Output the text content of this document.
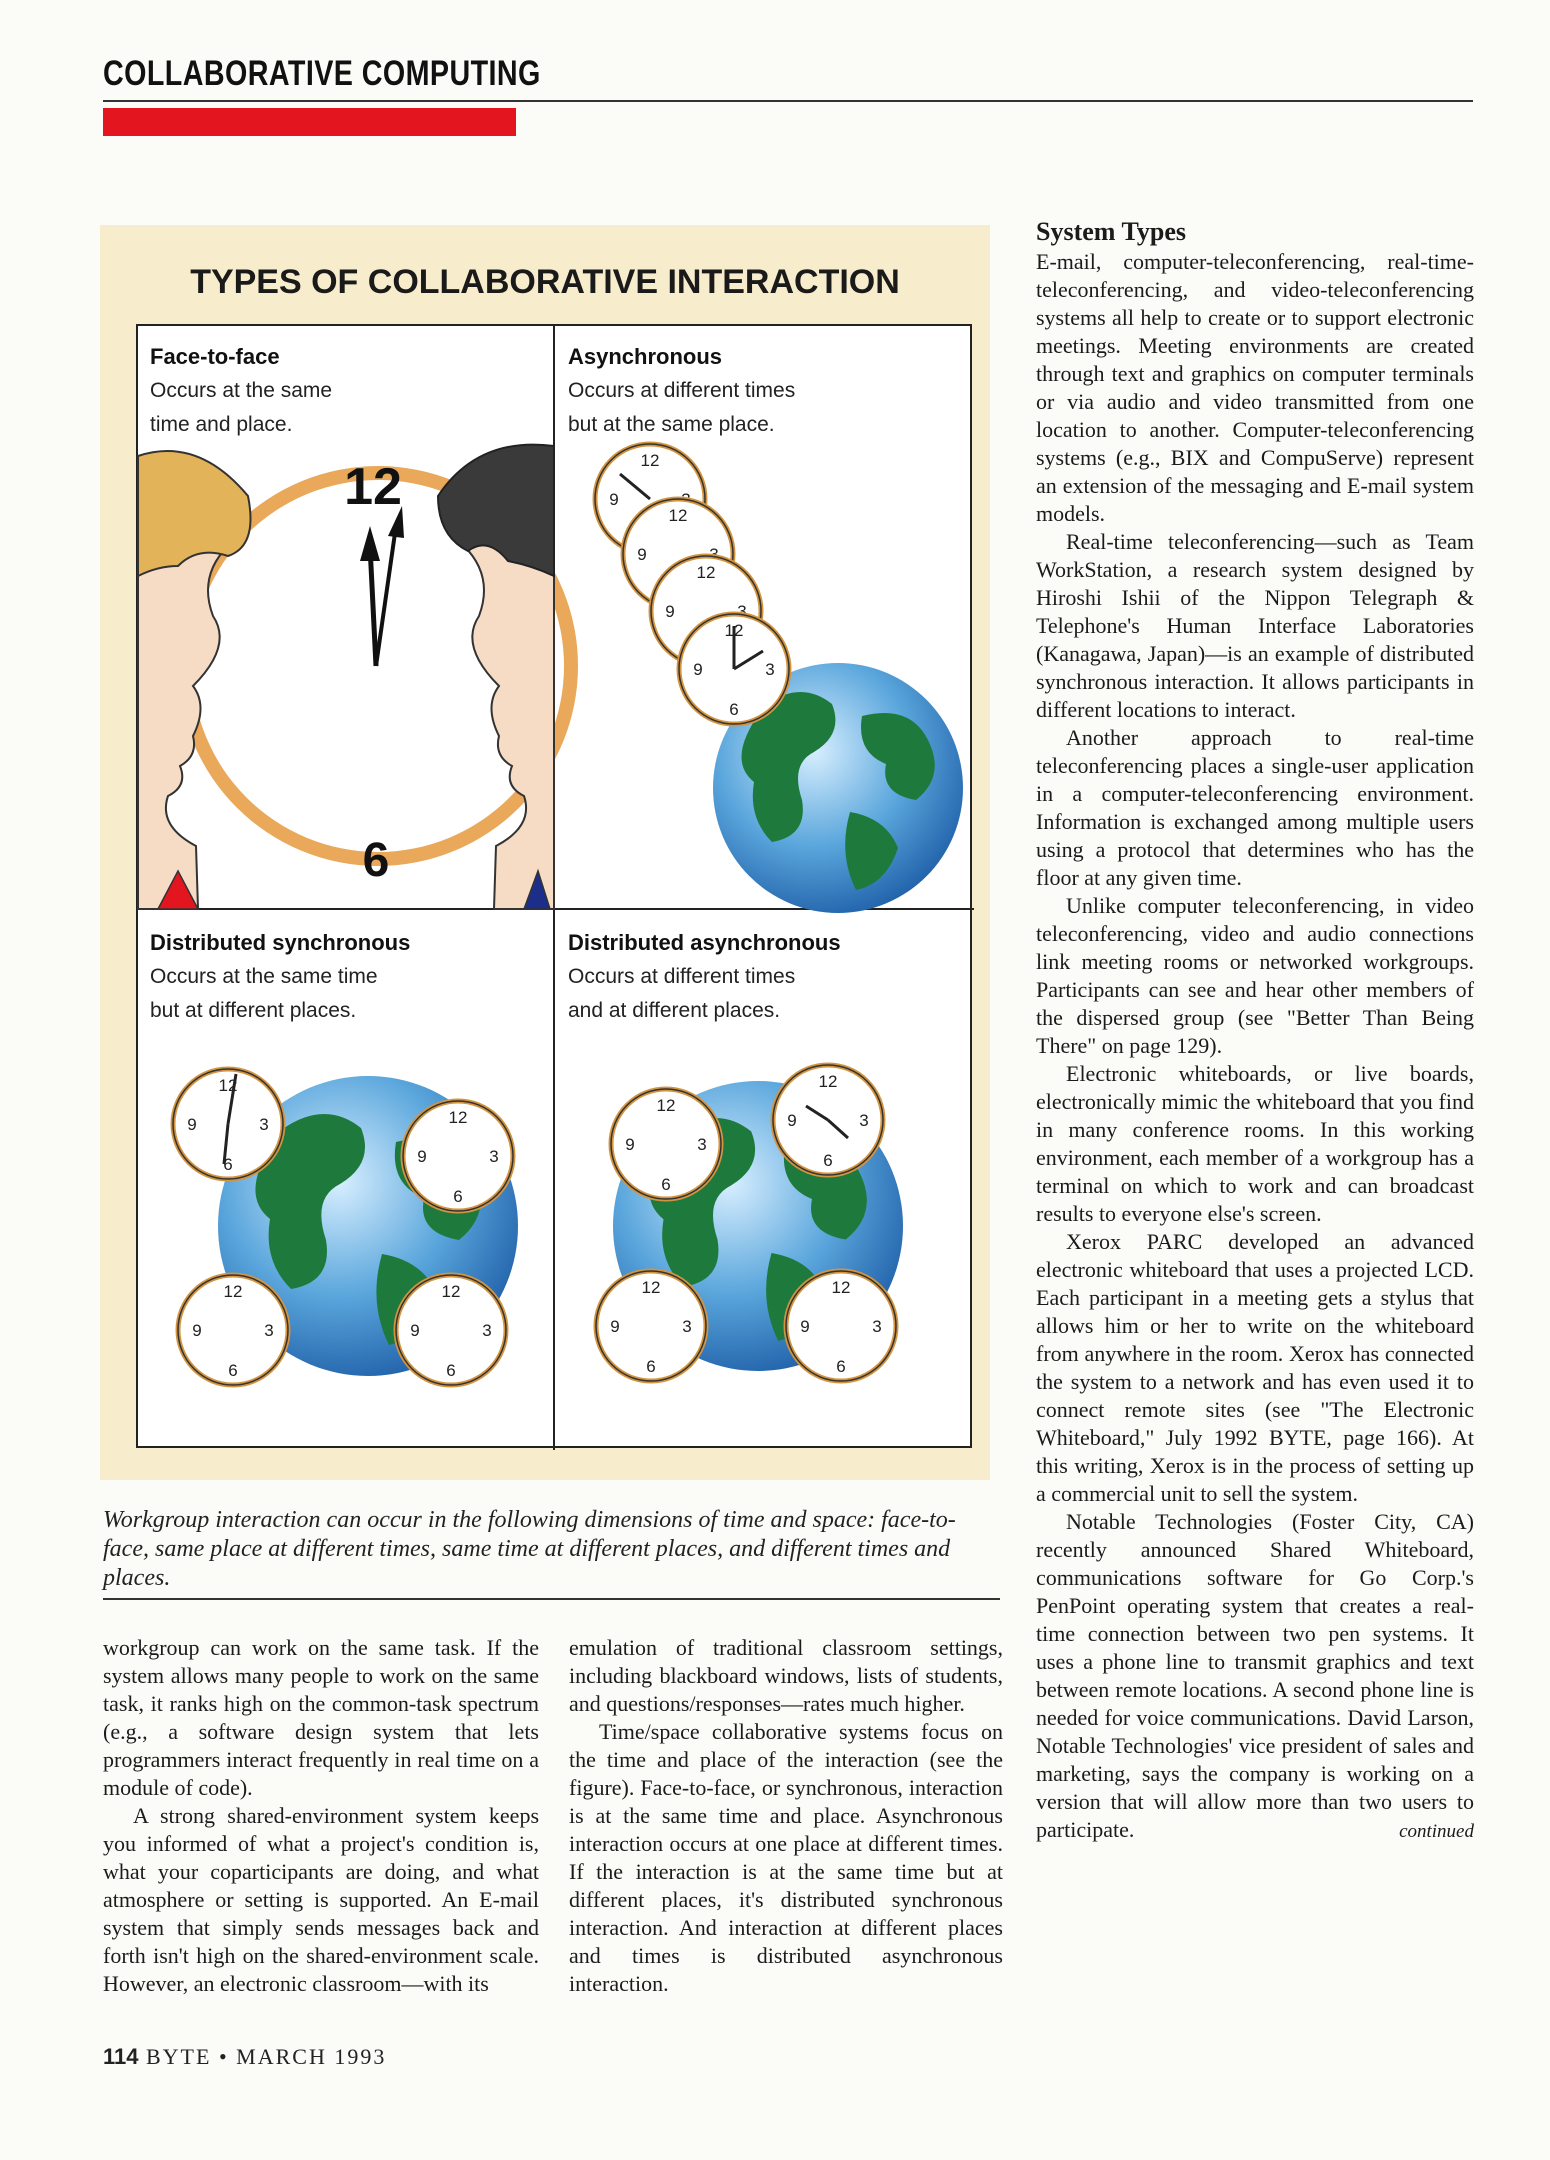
COLLABORATIVE COMPUTING
TYPES OF COLLABORATIVE INTERACTION
12
3
6
9
12
6
Face-to-face
Occurs at the same
time and place.
Asynchronous
Occurs at different times
but at the same place.
Distributed synchronous
Occurs at the same time
but at different places.
Distributed asynchronous
Occurs at different times
and at different places.
Workgroup interaction can occur in the following dimensions of time and space: face-to-face, same place at different times, same time at different places, and different times and places.

workgroup can work on the same task. If the system allows many people to work on the same task, it ranks high on the common-task spectrum (e.g., a software design system that lets programmers interact frequently in real time on a module of code).

A strong shared-environment system keeps you informed of what a project's condition is, what your coparticipants are doing, and what atmosphere or setting is supported. An E-mail system that simply sends messages back and forth isn't high on the shared-environment scale. However, an electronic classroom—with its

emulation of traditional classroom settings, including blackboard windows, lists of students, and questions/responses—rates much higher.

Time/space collaborative systems focus on the time and place of the interaction (see the figure). Face-to-face, or synchronous, interaction is at the same time and place. Asynchronous interaction occurs at one place at different times. If the interaction is at the same time but at different places, it's distributed synchronous interaction. And interaction at different places and times is distributed asynchronous interaction.

System Types

E-mail, computer-teleconferencing, real-time-teleconferencing, and video-teleconferencing systems all help to create or to support electronic meetings. Meeting environments are created through text and graphics on computer terminals or via audio and video transmitted from one location to another. Computer-teleconferencing systems (e.g., BIX and CompuServe) represent an extension of the messaging and E-mail system models.

Real-time teleconferencing—such as Team WorkStation, a research system designed by Hiroshi Ishii of the Nippon Telegraph & Telephone's Human Interface Laboratories (Kanagawa, Japan)—is an example of distributed synchronous interaction. It allows participants in different locations to interact.

Another approach to real-time teleconferencing places a single-user application in a computer-teleconferencing environment. Information is exchanged among multiple users using a protocol that determines who has the floor at any given time.

Unlike computer teleconferencing, in video teleconferencing, video and audio connections link meeting rooms or networked workgroups. Participants can see and hear other members of the dispersed group (see "Better Than Being There" on page 129).

Electronic whiteboards, or live boards, electronically mimic the whiteboard that you find in many conference rooms. In this working environment, each member of a workgroup has a terminal on which to work and can broadcast results to everyone else's screen.

Xerox PARC developed an advanced electronic whiteboard that uses a projected LCD. Each participant in a meeting gets a stylus that allows him or her to write on the whiteboard from anywhere in the room. Xerox has connected the system to a network and has even used it to connect remote sites (see "The Electronic Whiteboard," July 1992 BYTE, page 166). At this writing, Xerox is in the process of setting up a commercial unit to sell the system.

Notable Technologies (Foster City, CA) recently announced Shared Whiteboard, communications software for Go Corp.'s PenPoint operating system that creates a real-time connection between two pen systems. It uses a phone line to transmit graphics and text between remote locations. A second phone line is needed for voice communications. David Larson, Notable Technologies' vice president of sales and marketing, says the company is working on a version that will allow more than two users to participate.	continued
114 BYTE • MARCH 1993
